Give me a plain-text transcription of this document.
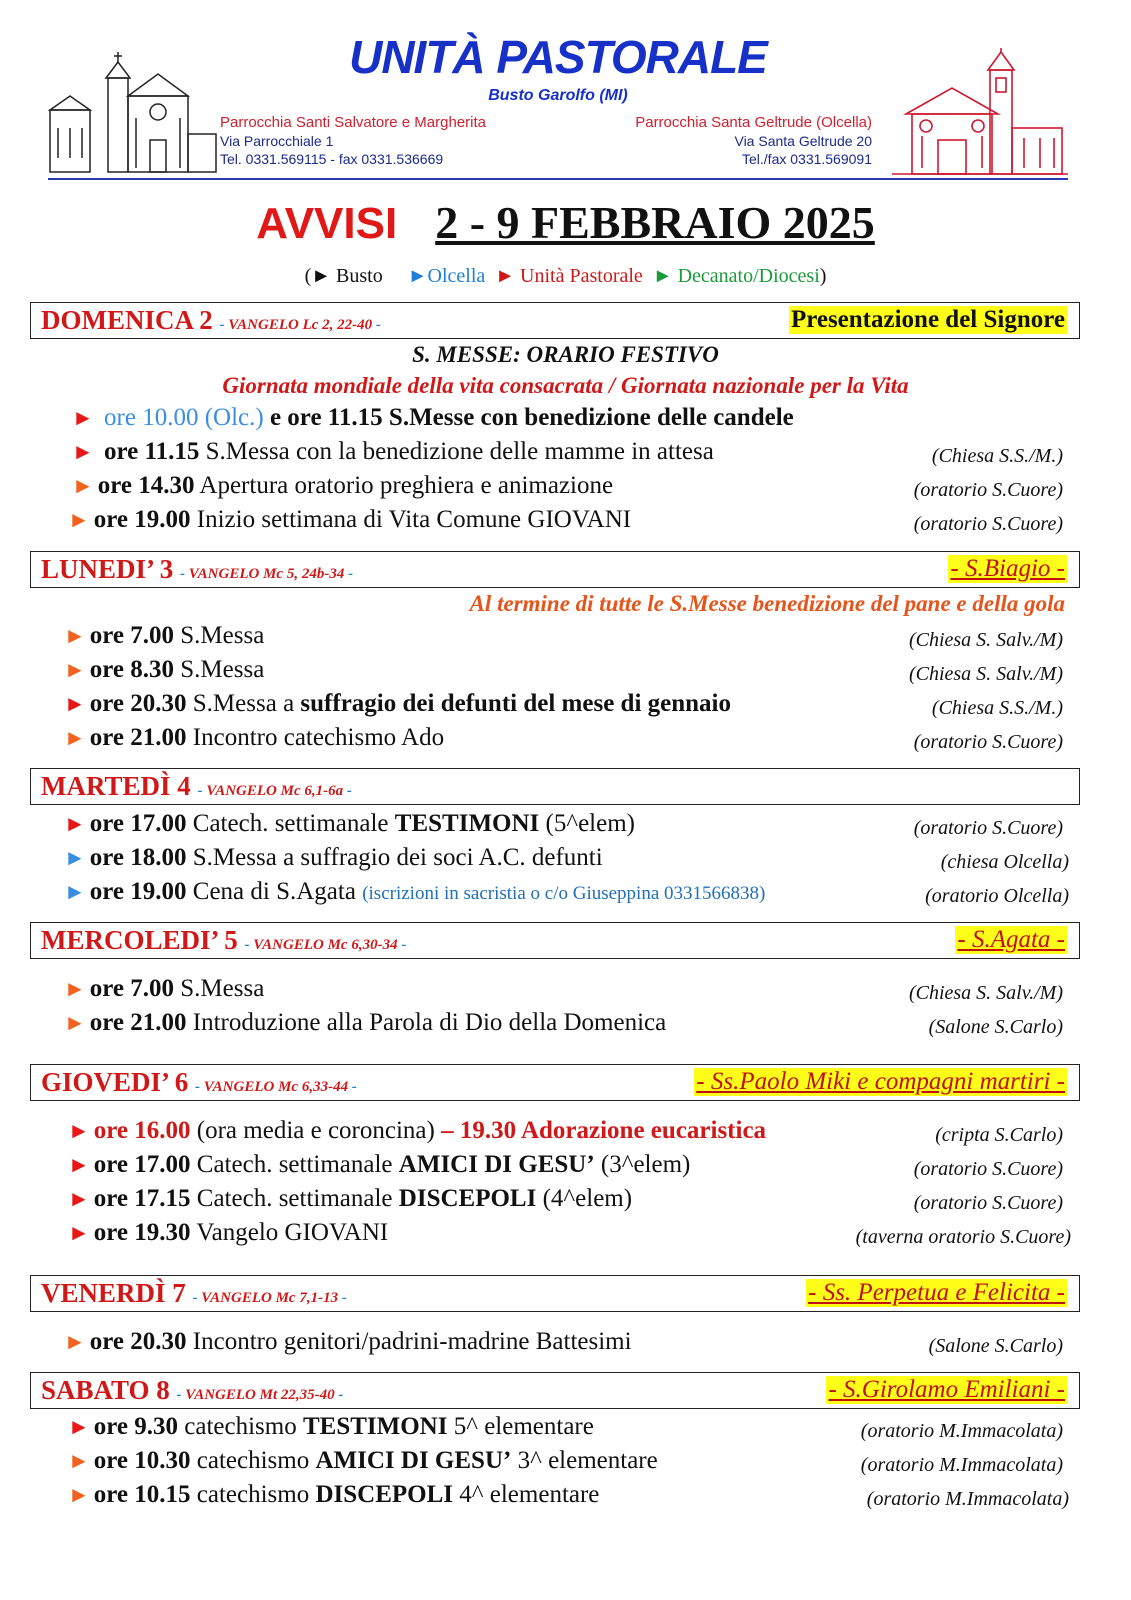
UNITÀ PASTORALE
Busto Garolfo (MI)
Parrocchia Santi Salvatore e Margherita
Via Parrocchiale 1
Tel. 0331.569115 - fax 0331.536669
Parrocchia Santa Geltrude (Olcella)
Via Santa Geltrude 20
Tel./fax 0331.569091
AVVISI 2 - 9 FEBBRAIO 2025
(► Busto ►Olcella ► Unità Pastorale ► Decanato/Diocesi)
DOMENICA 2 - VANGELO Lc 2, 22-40 -	Presentazione del Signore
S. MESSE: ORARIO FESTIVO
Giornata mondiale della vita consacrata / Giornata nazionale per la Vita
► ore 10.00 (Olc.) e ore 11.15 S.Messe con benedizione delle candele
► ore 11.15 S.Messa con la benedizione delle mamme in attesa	(Chiesa S.S./M.)
► ore 14.30 Apertura oratorio preghiera e animazione	(oratorio S.Cuore)
► ore 19.00 Inizio settimana di Vita Comune GIOVANI	(oratorio S.Cuore)
LUNEDI’ 3 - VANGELO Mc 5, 24b-34 -	- S.Biagio -
Al termine di tutte le S.Messe benedizione del pane e della gola
► ore 7.00 S.Messa	(Chiesa S. Salv./M)
► ore 8.30 S.Messa	(Chiesa S. Salv./M)
► ore 20.30 S.Messa a suffragio dei defunti del mese di gennaio	(Chiesa S.S./M.)
► ore 21.00 Incontro catechismo Ado	(oratorio S.Cuore)
MARTEDÌ 4 - VANGELO Mc 6,1-6a -
► ore 17.00 Catech. settimanale TESTIMONI (5^elem)	(oratorio S.Cuore)
► ore 18.00 S.Messa a suffragio dei soci A.C. defunti	(chiesa Olcella)
► ore 19.00 Cena di S.Agata (iscrizioni in sacristia o c/o Giuseppina 0331566838)	(oratorio Olcella)
MERCOLEDI’ 5 - VANGELO Mc 6,30-34 -	- S.Agata -
► ore 7.00 S.Messa	(Chiesa S. Salv./M)
► ore 21.00 Introduzione alla Parola di Dio della Domenica	(Salone S.Carlo)
GIOVEDI’ 6 - VANGELO Mc 6,33-44 -	- Ss.Paolo Miki e compagni martiri -
► ore 16.00 (ora media e coroncina) – 19.30 Adorazione eucaristica	(cripta S.Carlo)
► ore 17.00 Catech. settimanale AMICI DI GESU’ (3^elem)	(oratorio S.Cuore)
► ore 17.15 Catech. settimanale DISCEPOLI (4^elem)	(oratorio S.Cuore)
► ore 19.30 Vangelo GIOVANI	(taverna oratorio S.Cuore)
VENERDÌ 7 - VANGELO Mc 7,1-13 -	- Ss. Perpetua e Felicita -
► ore 20.30 Incontro genitori/padrini-madrine Battesimi	(Salone S.Carlo)
SABATO 8 - VANGELO Mt 22,35-40 -	- S.Girolamo Emiliani -
► ore 9.30 catechismo TESTIMONI 5^ elementare	(oratorio M.Immacolata)
► ore 10.30 catechismo AMICI DI GESU’ 3^ elementare	(oratorio M.Immacolata)
► ore 10.15 catechismo DISCEPOLI 4^ elementare	(oratorio M.Immacolata)
